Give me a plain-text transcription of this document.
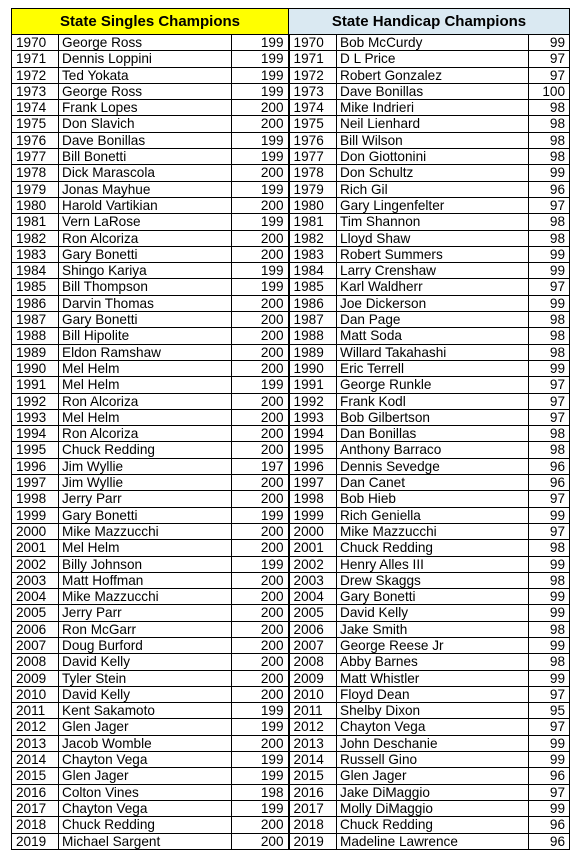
State Singles Champions			State Handicap Champions		
1970	George Ross	199	1970	Bob McCurdy	99
1971	Dennis Loppini	199	1971	D L Price	97
1972	Ted Yokata	199	1972	Robert Gonzalez	97
1973	George Ross	199	1973	Dave Bonillas	100
1974	Frank Lopes	200	1974	Mike Indrieri	98
1975	Don Slavich	200	1975	Neil Lienhard	98
1976	Dave Bonillas	199	1976	Bill Wilson	98
1977	Bill Bonetti	199	1977	Don Giottonini	98
1978	Dick Marascola	200	1978	Don Schultz	99
1979	Jonas Mayhue	199	1979	Rich Gil	96
1980	Harold Vartikian	200	1980	Gary Lingenfelter	97
1981	Vern LaRose	199	1981	Tim Shannon	98
1982	Ron Alcoriza	200	1982	Lloyd Shaw	98
1983	Gary Bonetti	200	1983	Robert Summers	99
1984	Shingo Kariya	199	1984	Larry Crenshaw	99
1985	Bill Thompson	199	1985	Karl Waldherr	97
1986	Darvin Thomas	200	1986	Joe Dickerson	99
1987	Gary Bonetti	200	1987	Dan Page	98
1988	Bill Hipolite	200	1988	Matt Soda	98
1989	Eldon Ramshaw	200	1989	Willard Takahashi	98
1990	Mel Helm	200	1990	Eric Terrell	99
1991	Mel Helm	199	1991	George Runkle	97
1992	Ron Alcoriza	200	1992	Frank Kodl	97
1993	Mel Helm	200	1993	Bob Gilbertson	97
1994	Ron Alcoriza	200	1994	Dan Bonillas	98
1995	Chuck Redding	200	1995	Anthony Barraco	98
1996	Jim Wyllie	197	1996	Dennis Sevedge	96
1997	Jim Wyllie	200	1997	Dan Canet	96
1998	Jerry Parr	200	1998	Bob Hieb	97
1999	Gary Bonetti	199	1999	Rich Geniella	99
2000	Mike Mazzucchi	200	2000	Mike Mazzucchi	97
2001	Mel Helm	200	2001	Chuck Redding	98
2002	Billy Johnson	199	2002	Henry Alles III	99
2003	Matt Hoffman	200	2003	Drew Skaggs	98
2004	Mike Mazzucchi	200	2004	Gary Bonetti	99
2005	Jerry Parr	200	2005	David Kelly	99
2006	Ron McGarr	200	2006	Jake Smith	98
2007	Doug Burford	200	2007	George Reese Jr	99
2008	David Kelly	200	2008	Abby Barnes	98
2009	Tyler Stein	200	2009	Matt Whistler	99
2010	David Kelly	200	2010	Floyd Dean	97
2011	Kent Sakamoto	199	2011	Shelby Dixon	95
2012	Glen Jager	199	2012	Chayton Vega	97
2013	Jacob Womble	200	2013	John Deschanie	99
2014	Chayton Vega	199	2014	Russell Gino	99
2015	Glen Jager	199	2015	Glen Jager	96
2016	Colton Vines	198	2016	Jake DiMaggio	97
2017	Chayton Vega	199	2017	Molly DiMaggio	99
2018	Chuck Redding	200	2018	Chuck Redding	96
2019	Michael Sargent	200	2019	Madeline Lawrence	96
